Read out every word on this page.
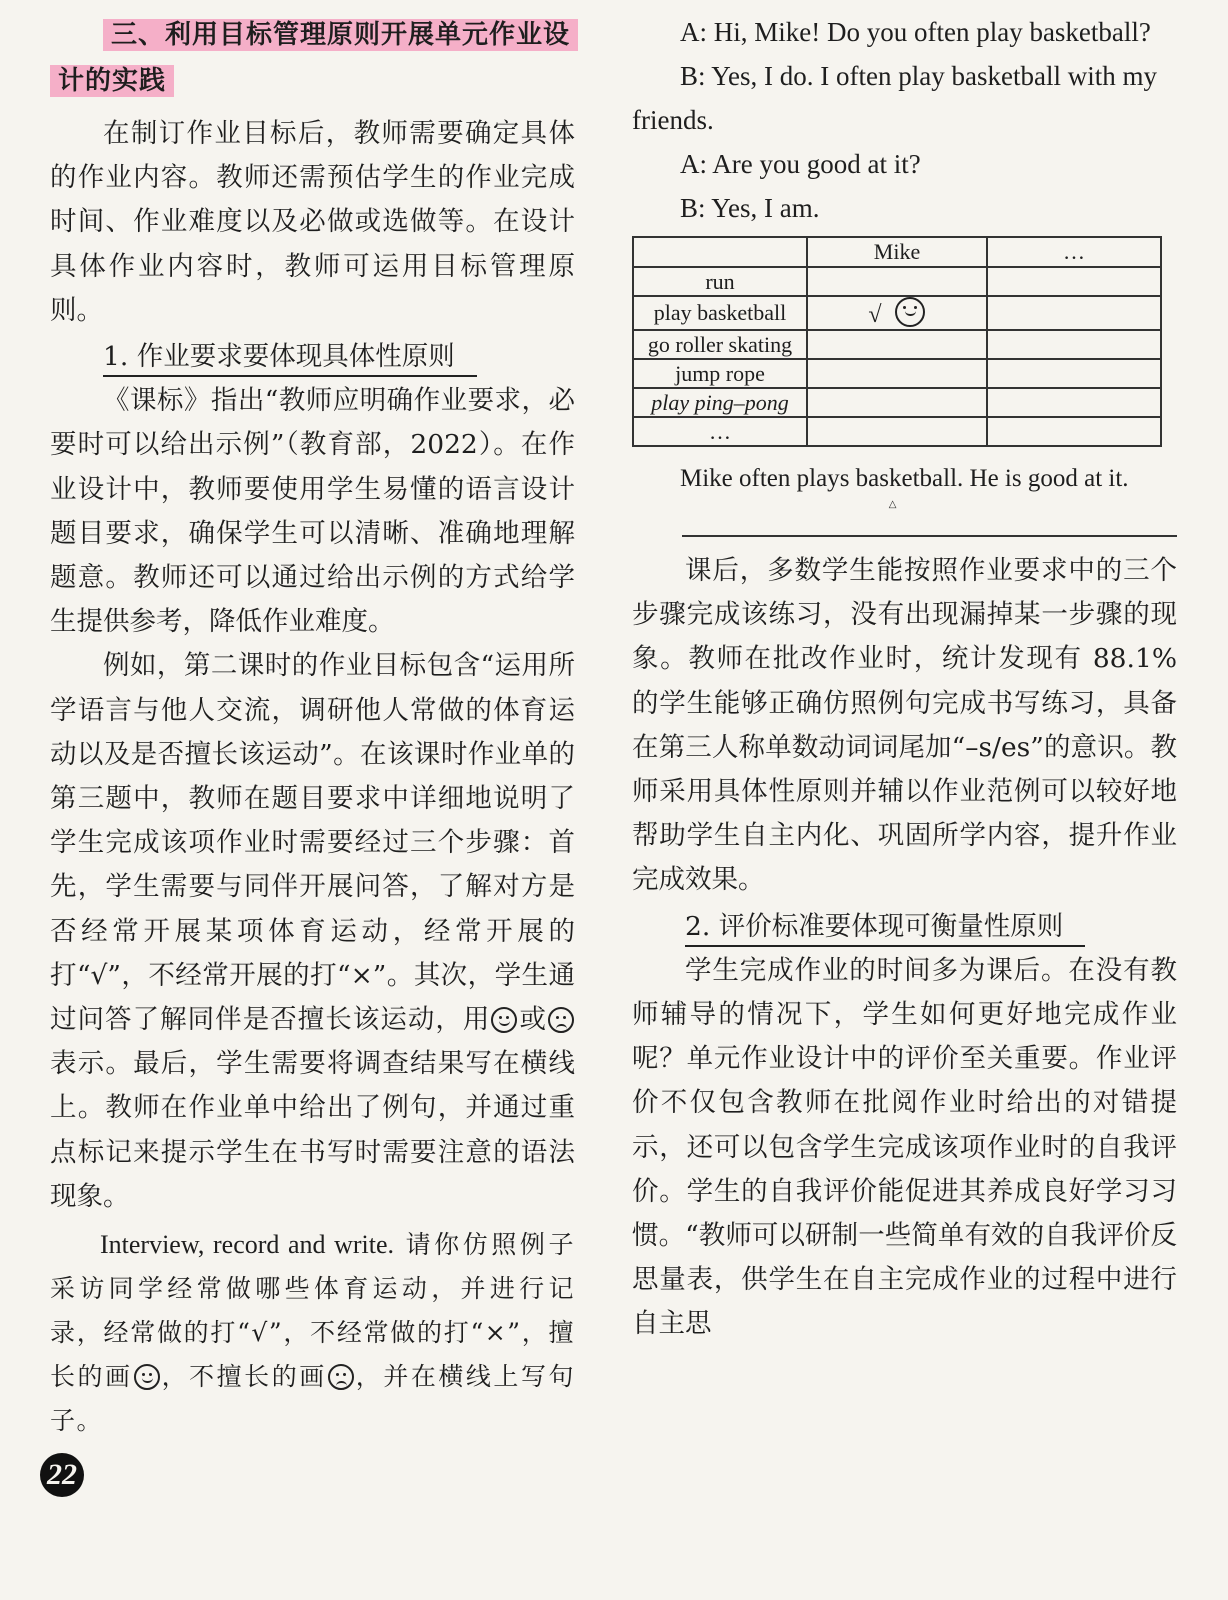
三、利用目标管理原则开展单元作业设计的实践

在制订作业目标后，教师需要确定具体的作业内容。教师还需预估学生的作业完成时间、作业难度以及必做或选做等。在设计具体作业内容时，教师可运用目标管理原则。

1. 作业要求要体现具体性原则

《课标》指出“教师应明确作业要求，必要时可以给出示例”（教育部，2022）。在作业设计中，教师要使用学生易懂的语言设计题目要求，确保学生可以清晰、准确地理解题意。教师还可以通过给出示例的方式给学生提供参考，降低作业难度。

例如，第二课时的作业目标包含“运用所学语言与他人交流，调研他人常做的体育运动以及是否擅长该运动”。在该课时作业单的第三题中，教师在题目要求中详细地说明了学生完成该项作业时需要经过三个步骤：首先，学生需要与同伴开展问答，了解对方是否经常开展某项体育运动，经常开展的打“√”，不经常开展的打“×”。其次，学生通过问答了解同伴是否擅长该运动，用 或
表示。最后，学生需要将调查结果写在横线上。教师在作业单中给出了例句，并通过重点标记来提示学生在书写时需要注意的语法现象。

Interview, record and write. 请你仿照例子采访同学经常做哪些体育运动，并进行记录，经常做的打“√”，不经常做的打“×”，擅长的画 ，不擅长的画 ，并在横线上写句子。

A: Hi, Mike! Do you often play basketball?

B: Yes, I do. I often play basketball with my friends.

A: Are you good at it?

B: Yes, I am.

	Mike	…
run		
play basketball	√

go roller skating		
jump rope		
play ping–pong		
…		

Mike often plays △ basketball. He is good at it.

课后，多数学生能按照作业要求中的三个步骤完成该练习，没有出现漏掉某一步骤的现象。教师在批改作业时，统计发现有 88.1% 的学生能够正确仿照例句完成书写练习，具备在第三人称单数动词词尾加“–s/es”的意识。教师采用具体性原则并辅以作业范例可以较好地帮助学生自主内化、巩固所学内容，提升作业完成效果。

2. 评价标准要体现可衡量性原则

学生完成作业的时间多为课后。在没有教师辅导的情况下，学生如何更好地完成作业呢？单元作业设计中的评价至关重要。作业评价不仅包含教师在批阅作业时给出的对错提示，还可以包含学生完成该项作业时的自我评价。学生的自我评价能促进其养成良好学习习惯。“教师可以研制一些简单有效的自我评价反思量表，供学生在自主完成作业的过程中进行自主思

22
